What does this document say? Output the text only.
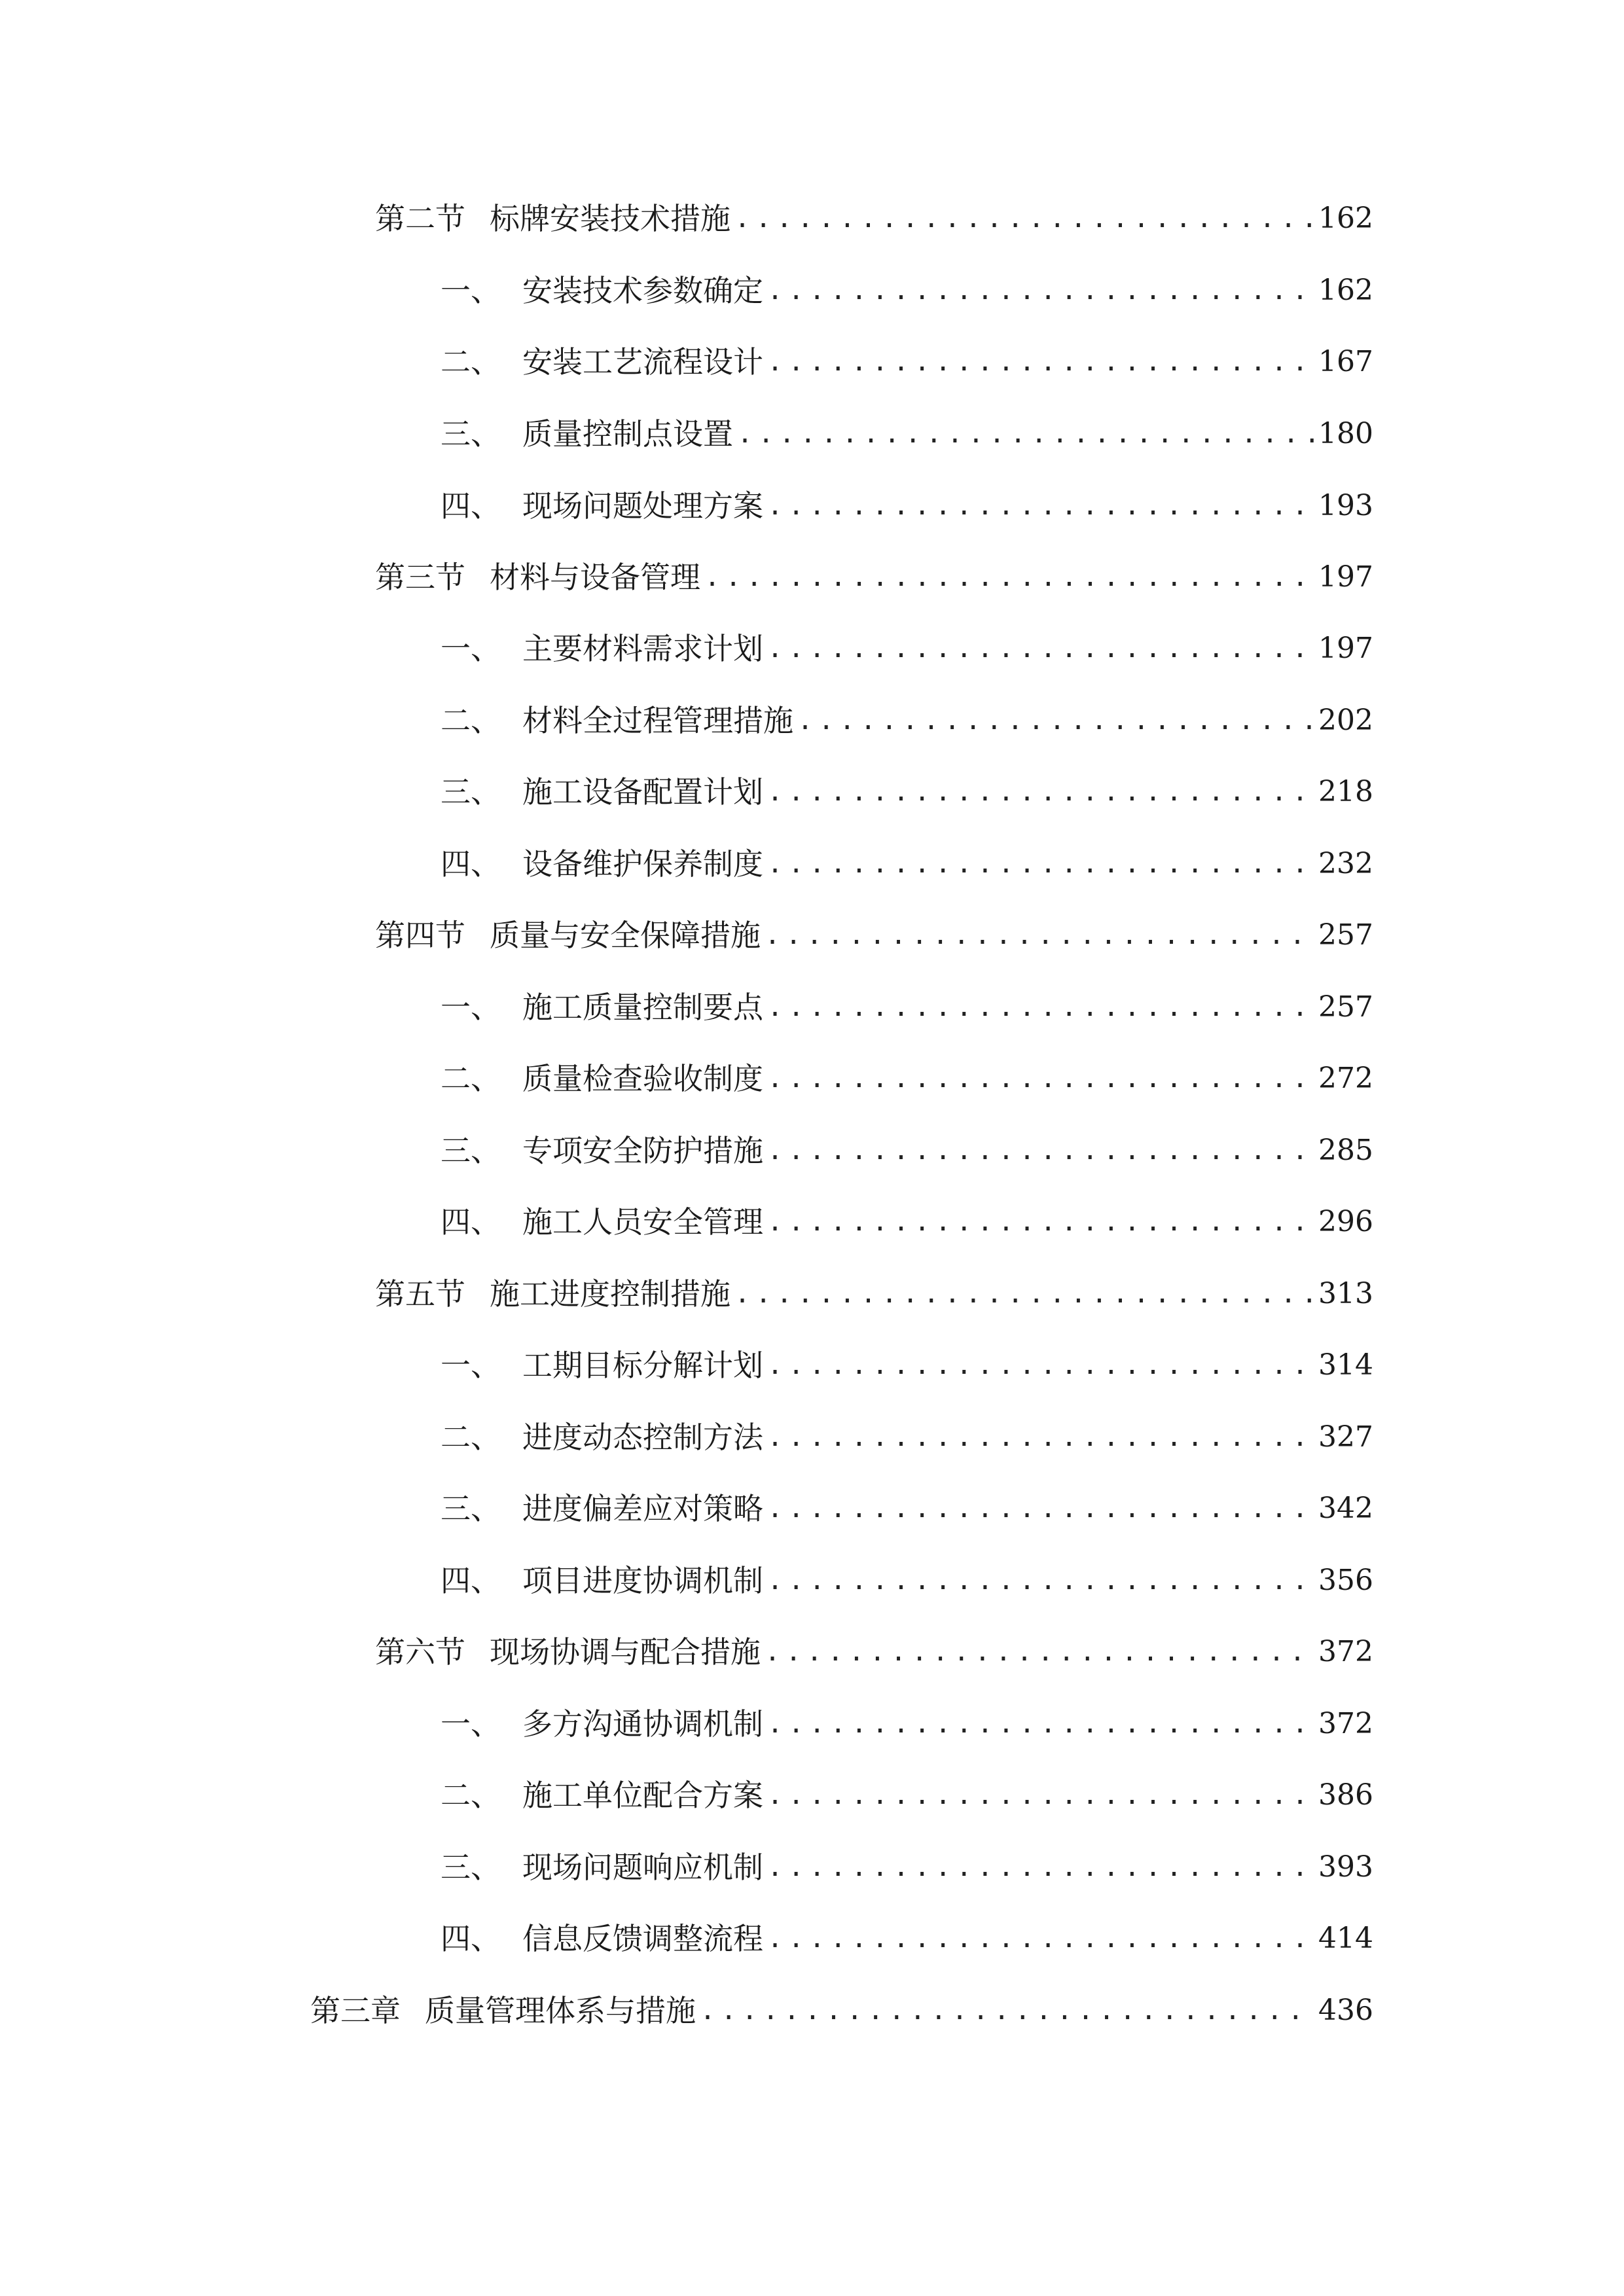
第二节 标牌安装技术措施 .....	162
一、 安装技术参数确定 .....	162
二、 安装工艺流程设计 .....	167
三、 质量控制点设置 .....	180
四、 现场问题处理方案 .....	193
第三节 材料与设备管理 .....	197
一、 主要材料需求计划 .....	197
二、 材料全过程管理措施 .....	202
三、 施工设备配置计划 .....	218
四、 设备维护保养制度 .....	232
第四节 质量与安全保障措施 .....	257
一、 施工质量控制要点 .....	257
二、 质量检查验收制度 .....	272
三、 专项安全防护措施 .....	285
四、 施工人员安全管理 .....	296
第五节 施工进度控制措施 .....	313
一、 工期目标分解计划 .....	314
二、 进度动态控制方法 .....	327
三、 进度偏差应对策略 .....	342
四、 项目进度协调机制 .....	356
第六节 现场协调与配合措施 .....	372
一、 多方沟通协调机制 .....	372
二、 施工单位配合方案 .....	386
三、 现场问题响应机制 .....	393
四、 信息反馈调整流程 .....	414
第三章 质量管理体系与措施 .....	436
